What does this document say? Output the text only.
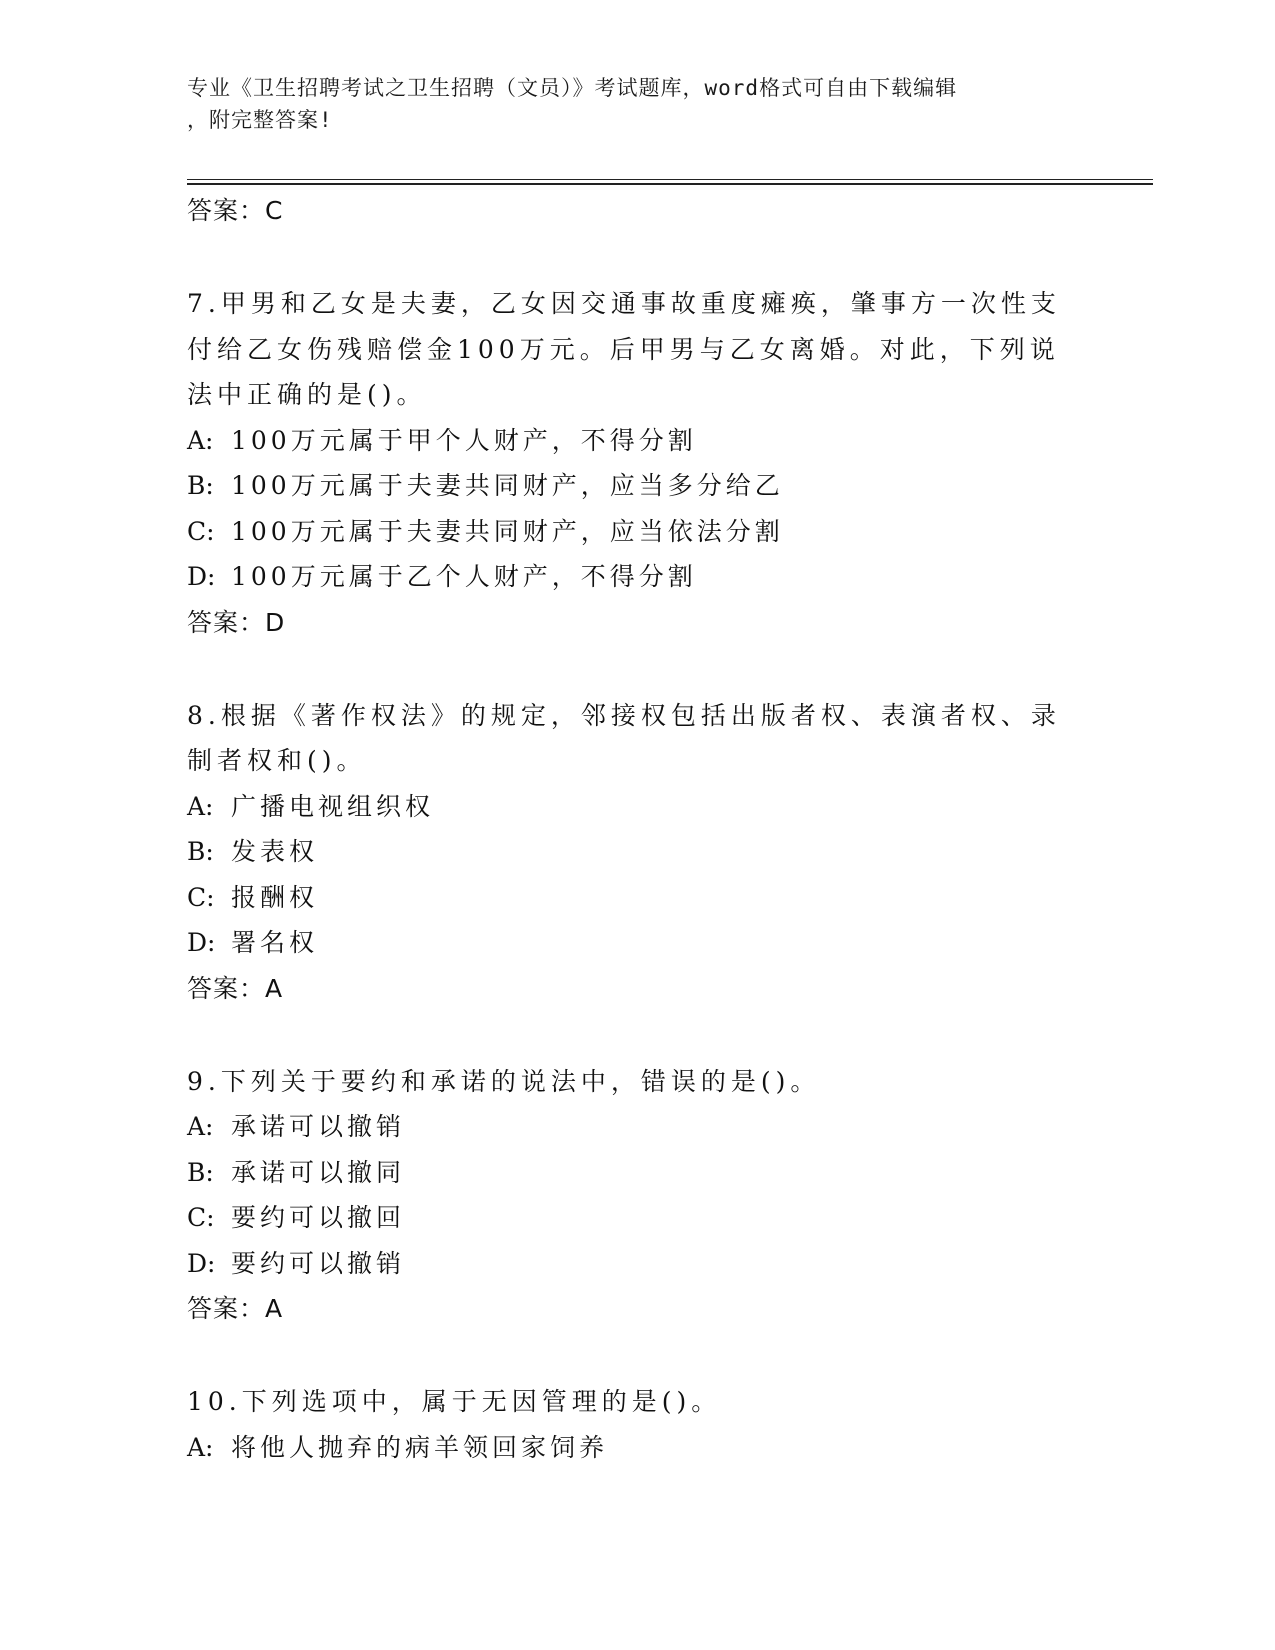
专业《卫生招聘考试之卫生招聘（文员）》考试题库，word格式可自由下载编辑
，附完整答案!

答案：C

7.甲男和乙女是夫妻，乙女因交通事故重度瘫痪，肇事方一次性支付给乙女伤残赔偿金100万元。后甲男与乙女离婚。对此，下列说法中正确的是()。

A: 100万元属于甲个人财产，不得分割

B: 100万元属于夫妻共同财产，应当多分给乙

C: 100万元属于夫妻共同财产，应当依法分割

D: 100万元属于乙个人财产，不得分割

答案：D

8.根据《著作权法》的规定，邻接权包括出版者权、表演者权、录制者权和()。

A: 广播电视组织权

B: 发表权

C: 报酬权

D: 署名权

答案：A

9.下列关于要约和承诺的说法中，错误的是()。

A: 承诺可以撤销

B: 承诺可以撤同

C: 要约可以撤回

D: 要约可以撤销

答案：A

10.下列选项中，属于无因管理的是()。

A: 将他人抛弃的病羊领回家饲养
